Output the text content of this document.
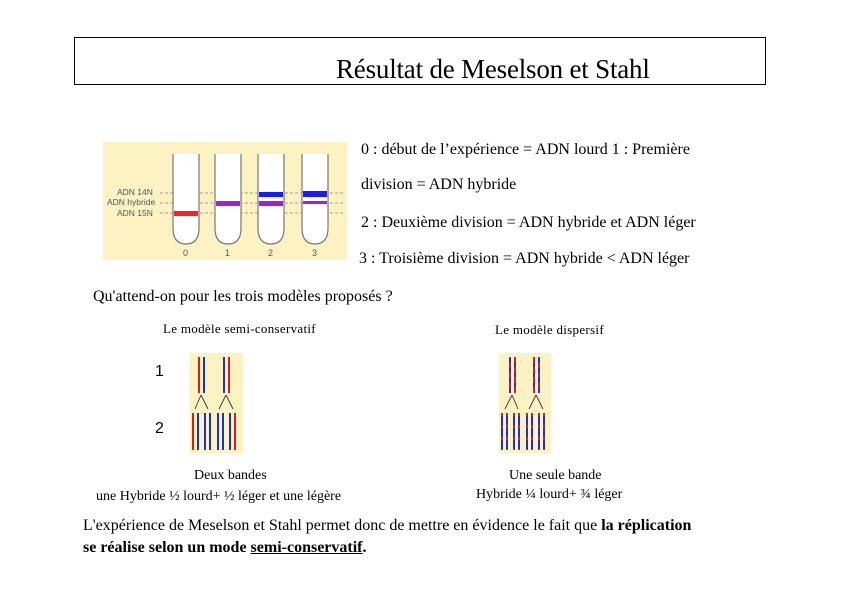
Résultat de Meselson et Stahl
ADN 14N
ADN hybride
ADN 15N
0	1	2	3
0 : début de l’expérience = ADN lourd 1 : Première
division = ADN hybride
2 : Deuxième division = ADN hybride et ADN léger
3 : Troisième division = ADN hybride < ADN léger
Qu'attend-on pour les trois modèles proposés ?
Le modèle semi-conservatif	Le modèle dispersif
1
2
Deux bandes
une Hybride ½ lourd+ ½ léger et une légère
Une seule bande
Hybride ¼ lourd+ ¾ léger
L'expérience de Meselson et Stahl permet donc de mettre en évidence le fait que la réplication
se réalise selon un mode semi-conservatif.
